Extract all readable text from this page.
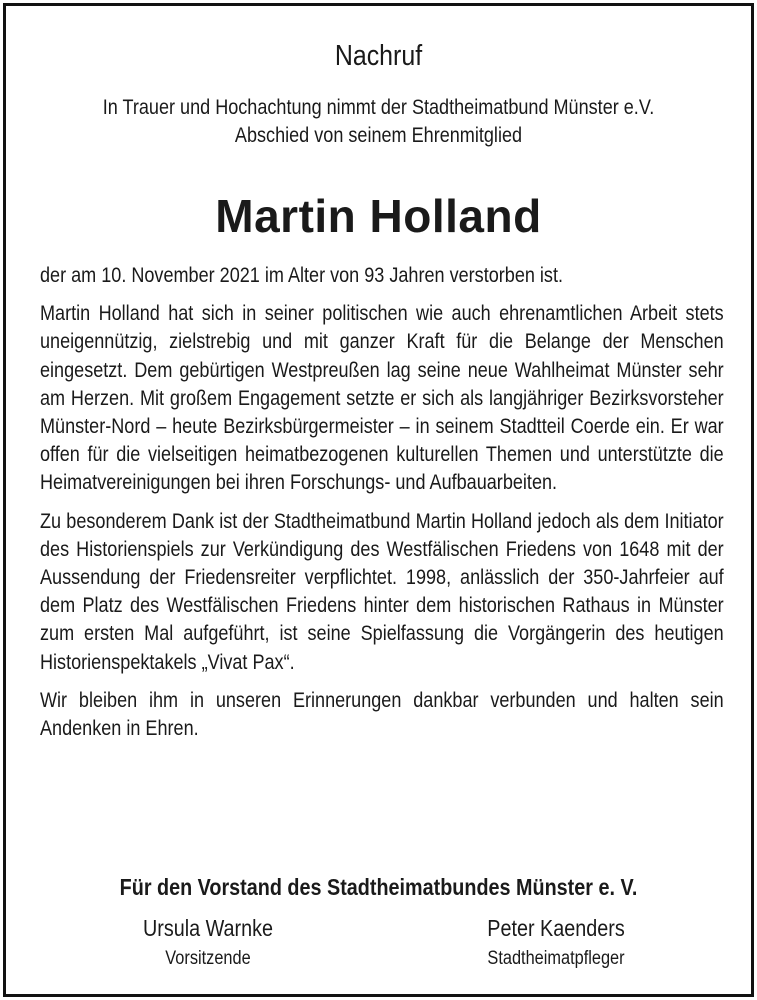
Nachruf
In Trauer und Hochachtung nimmt der Stadtheimatbund Münster e.V.
Abschied von seinem Ehrenmitglied
Martin Holland

der am 10. November 2021 im Alter von 93 Jahren verstorben ist.

Martin Holland hat sich in seiner politischen wie auch ehrenamtlichen Arbeit stets uneigennützig, zielstrebig und mit ganzer Kraft für die Belange der Menschen eingesetzt. Dem gebürtigen Westpreußen lag seine neue Wahlheimat Münster sehr am Herzen. Mit großem Engagement setzte er sich als langjähriger Bezirksvorsteher Münster-Nord – heute Bezirksbürgermeister – in seinem Stadtteil Coerde ein. Er war offen für die vielseitigen heimatbezogenen kulturellen Themen und unterstützte die Heimatvereinigungen bei ihren Forschungs- und Aufbauarbeiten.

Zu besonderem Dank ist der Stadtheimatbund Martin Holland jedoch als dem Initiator des Historienspiels zur Verkündigung des Westfälischen Friedens von 1648 mit der Aussendung der Friedensreiter verpflichtet. 1998, anlässlich der 350-Jahrfeier auf dem Platz des Westfälischen Friedens hinter dem historischen Rathaus in Münster zum ersten Mal aufgeführt, ist seine Spielfassung die Vorgängerin des heutigen Historienspektakels „Vivat Pax“.

Wir bleiben ihm in unseren Erinnerungen dankbar verbunden und halten sein Andenken in Ehren.

Für den Vorstand des Stadtheimatbundes Münster e. V.
Ursula Warnke
Vorsitzende
Peter Kaenders
Stadtheimatpfleger
